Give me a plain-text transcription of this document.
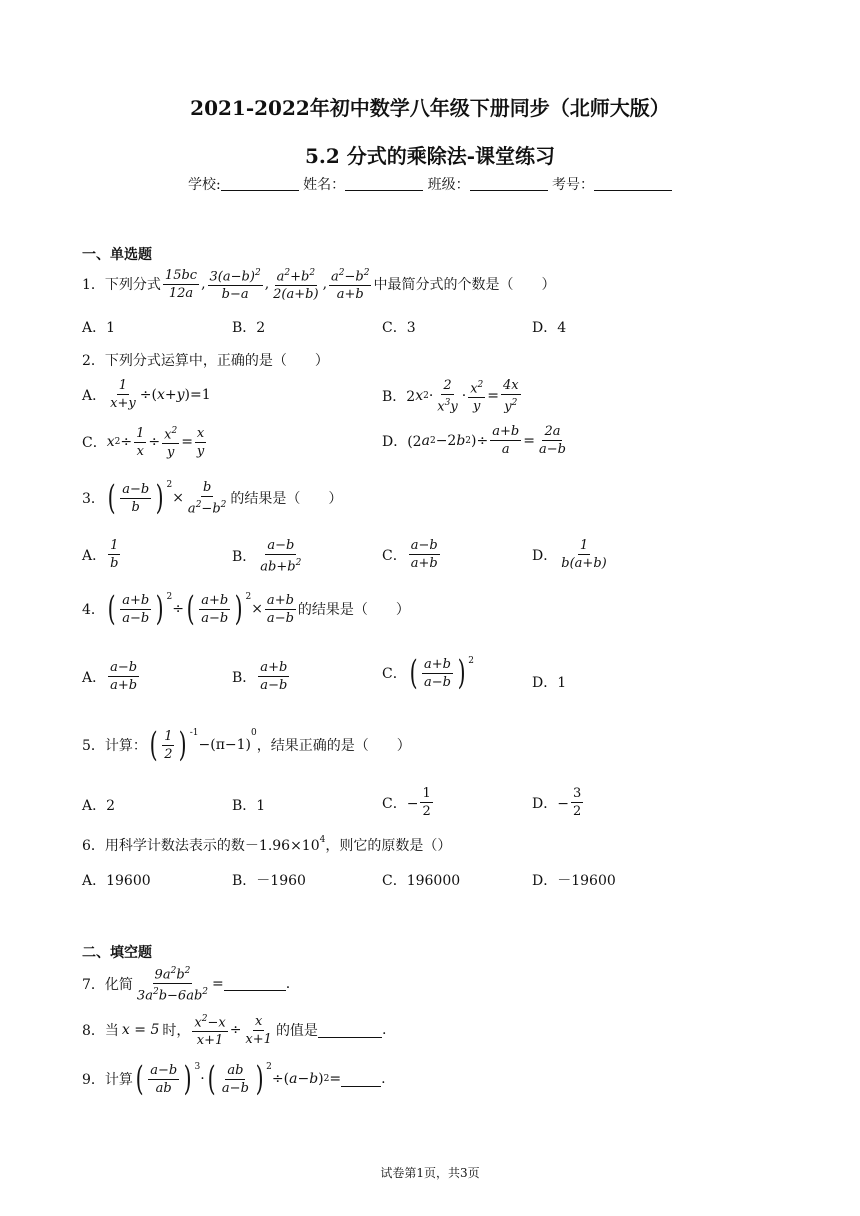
2021-2022年初中数学八年级下册同步（北师大版）
5.2 分式的乘除法-课堂练习
学校:	姓名：	班级：	考号：
一、单选题
1．下列分式 $\frac{15bc}{12a}$ , $\frac{3(a-b)^2}{b-a}$ , $\frac{a^2+b^2}{2(a+b)}$ , $\frac{a^2-b^2}{a+b}$ 中最简分式的个数是（　　）
A．1	B．2	C．3	D．4
2．下列分式运算中，正确的是（　　）
A． $\frac{1}{x+y}$ ÷( x + y )=1	B．2 x $2 \cdot \frac{2}{x^3y} \cdot \frac{x^2}{y} = \frac{4x}{y^2}$
C． x $2 \div \frac{1}{x} \div \frac{x^2}{y} = \frac{x}{y}$	D．(2 a 2 −2 b 2 )÷ $\frac{a+b}{a} = \frac{2a}{a-b}$
3． ( $\frac{a-b}{b}$ ) $^2$
× $\frac{b}{a^2-b^2}$ 的结果是（　　）
A． $\frac{1}{b}$	B． $\frac{a-b}{ab+b^2}$	C． $\frac{a-b}{a+b}$	D． $\frac{1}{b(a+b)}$
4． ( $\frac{a+b}{a-b}$ ) $^2$
÷ ( $\frac{a+b}{a-b}$ ) $^2$
× $\frac{a+b}{a-b}$ 的结果是（　　）
A． $\frac{a-b}{a+b}$	B． $\frac{a+b}{a-b}$	C． ( $\frac{a+b}{a-b}$ ) $^2$
D．1
5．计算： ( $\frac{1}{2}$ ) $^{-1}$
−(π−1)
0
，结果正确的是（　　）
A．2	B．1	C．− $\frac{1}{2}$	D．− $\frac{3}{2}$
6．用科学计数法表示的数$-1.96\times 10^4$ ，则它的原数是（）
A．19600	B．－1960	C．196000	D．－19600
二、填空题
7．化简 $\frac{9a^2b^2}{3a^2b-6ab^2}$ =	.
8．当 x = 5 时， $\frac{x^2-x}{x+1} \div \frac{x}{x+1}$ 的值是	.
9．计算 ( $\frac{a-b}{ab}$ ) $^3$
· ( $\frac{ab}{a-b}$ ) $^2$
÷( a − b ) 2 =	.
试卷第1页，共3页
